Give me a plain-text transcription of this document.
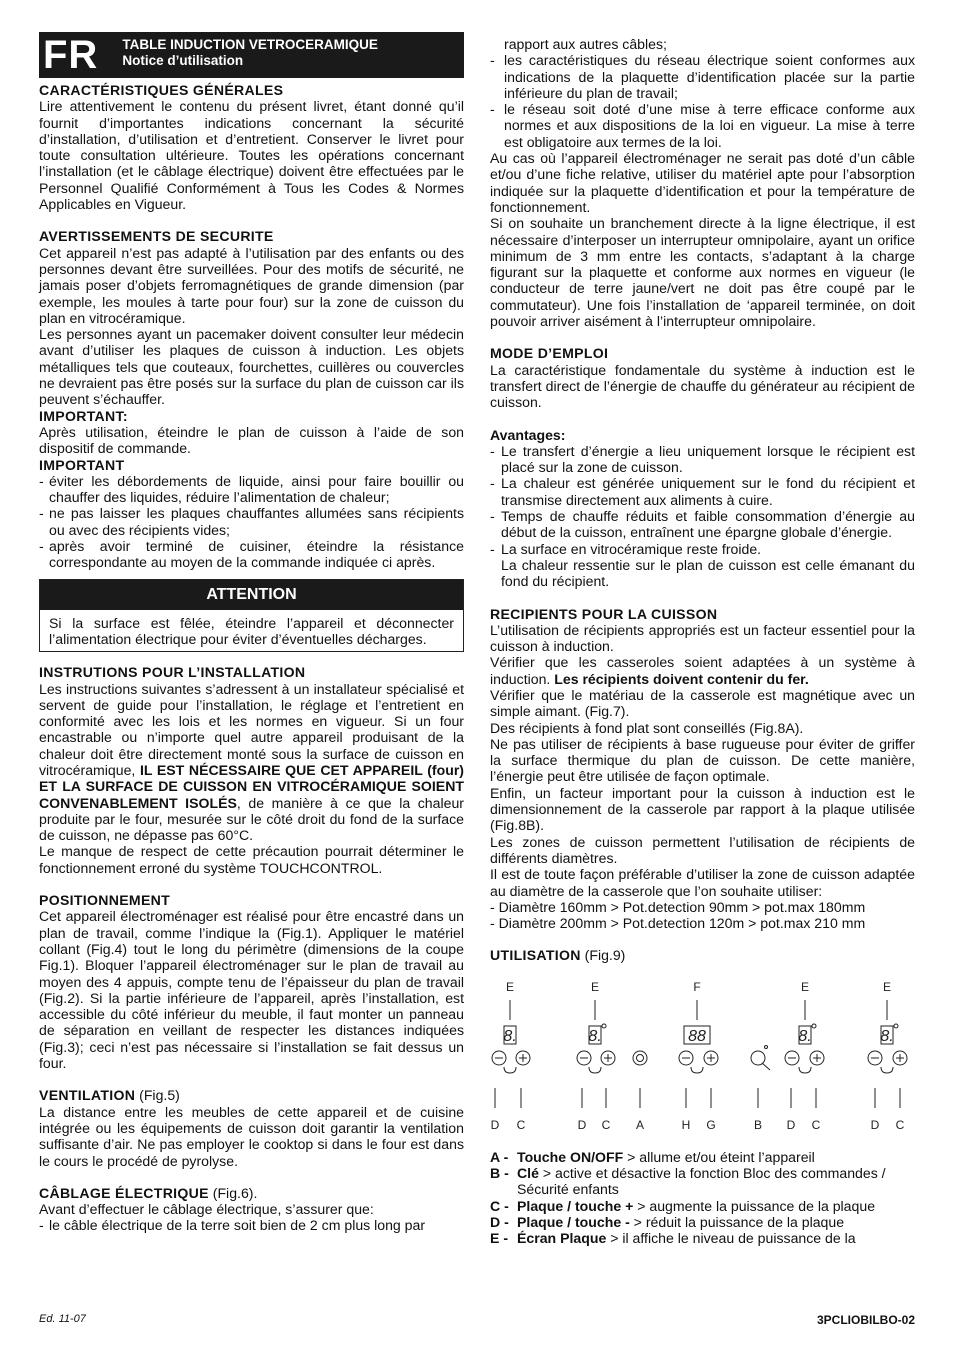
FR	TABLE INDUCTION VETROCERAMIQUE
Notice d’utilisation
CARACTÉRISTIQUES GÉNÉRALES

Lire attentivement le contenu du présent livret, étant donné qu’il fournit d’importantes indications concernant la sécurité d’installation, d’utilisation et d’entretient. Conserver le livret pour toute consultation ultérieure. Toutes les opérations concernant l’installation (et le câblage électrique) doivent être effectuées par le Personnel Qualifié Conformément à Tous les Codes & Normes Applicables en Vigueur.

AVERTISSEMENTS DE SECURITE

Cet appareil n’est pas adapté à l’utilisation par des enfants ou des personnes devant être surveillées. Pour des motifs de sécurité, ne jamais poser d’objets ferromagnétiques de grande dimension (par exemple, les moules à tarte pour four) sur la zone de cuisson du plan en vitrocéramique.

Les personnes ayant un pacemaker doivent consulter leur médecin avant d’utiliser les plaques de cuisson à induction. Les objets métalliques tels que couteaux, fourchettes, cuillères ou couvercles ne devraient pas être posés sur la surface du plan de cuisson car ils peuvent s’échauffer.

IMPORTANT:

Après utilisation, éteindre le plan de cuisson à l’aide de son dispositif de commande.

IMPORTANT
- éviter les débordements de liquide, ainsi pour faire bouillir ou chauffer des liquides, réduire l’alimentation de chaleur;
- ne pas laisser les plaques chauffantes allumées sans récipients ou avec des récipients vides;
- après avoir terminé de cuisiner, éteindre la résistance correspondante au moyen de la commande indiquée ci après.
ATTENTION

Si la surface est fêlée, éteindre l’appareil et déconnecter l’alimentation électrique pour éviter d’éventuelles décharges.

INSTRUTIONS POUR L’INSTALLATION

Les instructions suivantes s’adressent à un installateur spécialisé et servent de guide pour l’installation, le réglage et l’entretient en conformité avec les lois et les normes en vigueur. Si un four encastrable ou n’importe quel autre appareil produisant de la chaleur doit être directement monté sous la surface de cuisson en vitrocéramique, IL EST NÉCESSAIRE QUE CET APPAREIL (four) ET LA SURFACE DE CUISSON EN VITROCÉRAMIQUE SOIENT CONVENABLEMENT ISOLÉS, de manière à ce que la chaleur produite par le four, mesurée sur le côté droit du fond de la surface de cuisson, ne dépasse pas 60°C.

Le manque de respect de cette précaution pourrait déterminer le fonctionnement erroné du système TOUCHCONTROL.

POSITIONNEMENT

Cet appareil électroménager est réalisé pour être encastré dans un plan de travail, comme l’indique la (Fig.1). Appliquer le matériel collant (Fig.4) tout le long du périmètre (dimensions de la coupe Fig.1). Bloquer l’appareil électroménager sur le plan de travail au moyen des 4 appuis, compte tenu de l’épaisseur du plan de travail (Fig.2). Si la partie inférieure de l’appareil, après l’installation, est accessible du côté inférieur du meuble, il faut monter un panneau de séparation en veillant de respecter les distances indiquées (Fig.3); ceci n’est pas nécessaire si l’installation se fait dessus un four.

VENTILATION (Fig.5)

La distance entre les meubles de cette appareil et de cuisine intégrée ou les équipements de cuisson doit garantir la ventilation suffisante d’air. Ne pas employer le cooktop si dans le four est dans le cours le procédé de pyrolyse.

CÂBLAGE ÉLECTRIQUE (Fig.6).

Avant d’effectuer le câblage électrique, s’assurer que:

- le câble électrique de la terre soit bien de 2 cm plus long par

rapport aux autres câbles;

- les caractéristiques du réseau électrique soient conformes aux indications de la plaquette d’identification placée sur la partie inférieure du plan de travail;
- le réseau soit doté d’une mise à terre efficace conforme aux normes et aux dispositions de la loi en vigueur. La mise à terre est obligatoire aux termes de la loi.

Au cas où l’appareil électroménager ne serait pas doté d’un câble et/ou d’une fiche relative, utiliser du matériel apte pour l’absorption indiquée sur la plaquette d’identification et pour la température de fonctionnement.

Si on souhaite un branchement directe à la ligne électrique, il est nécessaire d’interposer un interrupteur omnipolaire, ayant un orifice minimum de 3 mm entre les contacts, s’adaptant à la charge figurant sur la plaquette et conforme aux normes en vigueur (le conducteur de terre jaune/vert ne doit pas être coupé par le commutateur). Une fois l’installation de ‘appareil terminée, on doit pouvoir arriver aisément à l’interrupteur omnipolaire.

MODE D’EMPLOI

La caractéristique fondamentale du système à induction est le transfert direct de l’énergie de chauffe du générateur au récipient de cuisson.

Avantages:
- Le transfert d’énergie a lieu uniquement lorsque le récipient est placé sur la zone de cuisson.
- La chaleur est générée uniquement sur le fond du récipient et transmise directement aux aliments à cuire.
- Temps de chauffe réduits et faible consommation d’énergie au début de la cuisson, entraînent une épargne globale d’énergie.
- La surface en vitrocéramique reste froide.

La chaleur ressentie sur le plan de cuisson est celle émanant du fond du récipient.

RECIPIENTS POUR LA CUISSON

L’utilisation de récipients appropriés est un facteur essentiel pour la cuisson à induction.

Vérifier que les casseroles soient adaptées à un système à induction. Les récipients doivent contenir du fer.

Vérifier que le matériau de la casserole est magnétique avec un simple aimant. (Fig.7).

Des récipients à fond plat sont conseillés (Fig.8A).

Ne pas utiliser de récipients à base rugueuse pour éviter de griffer la surface thermique du plan de cuisson. De cette manière, l’énergie peut être utilisée de façon optimale.

Enfin, un facteur important pour la cuisson à induction est le dimensionnement de la casserole par rapport à la plaque utilisée (Fig.8B).

Les zones de cuisson permettent l’utilisation de récipients de différents diamètres.

Il est de toute façon préférable d’utiliser la zone de cuisson adaptée au diamètre de la casserole que l’on souhaite utiliser:

- Diamètre 160mm > Pot.detection 90mm > pot.max 180mm

- Diamètre 200mm > Pot.detection 120m > pot.max 210 mm

UTILISATION (Fig.9)
E	E	F	E	E
8.	8.	88	8.	8.
D C	D C A	H G	B D C	D C
A - Touche ON/OFF > allume et/ou éteint l’appareil
B - Clé > active et désactive la fonction Bloc des commandes / Sécurité enfants
C - Plaque / touche + > augmente la puissance de la plaque
D - Plaque / touche - > réduit la puissance de la plaque
E - Écran Plaque > il affiche le niveau de puissance de la
Ed. 11-07	3PCLIOBILBO-02
